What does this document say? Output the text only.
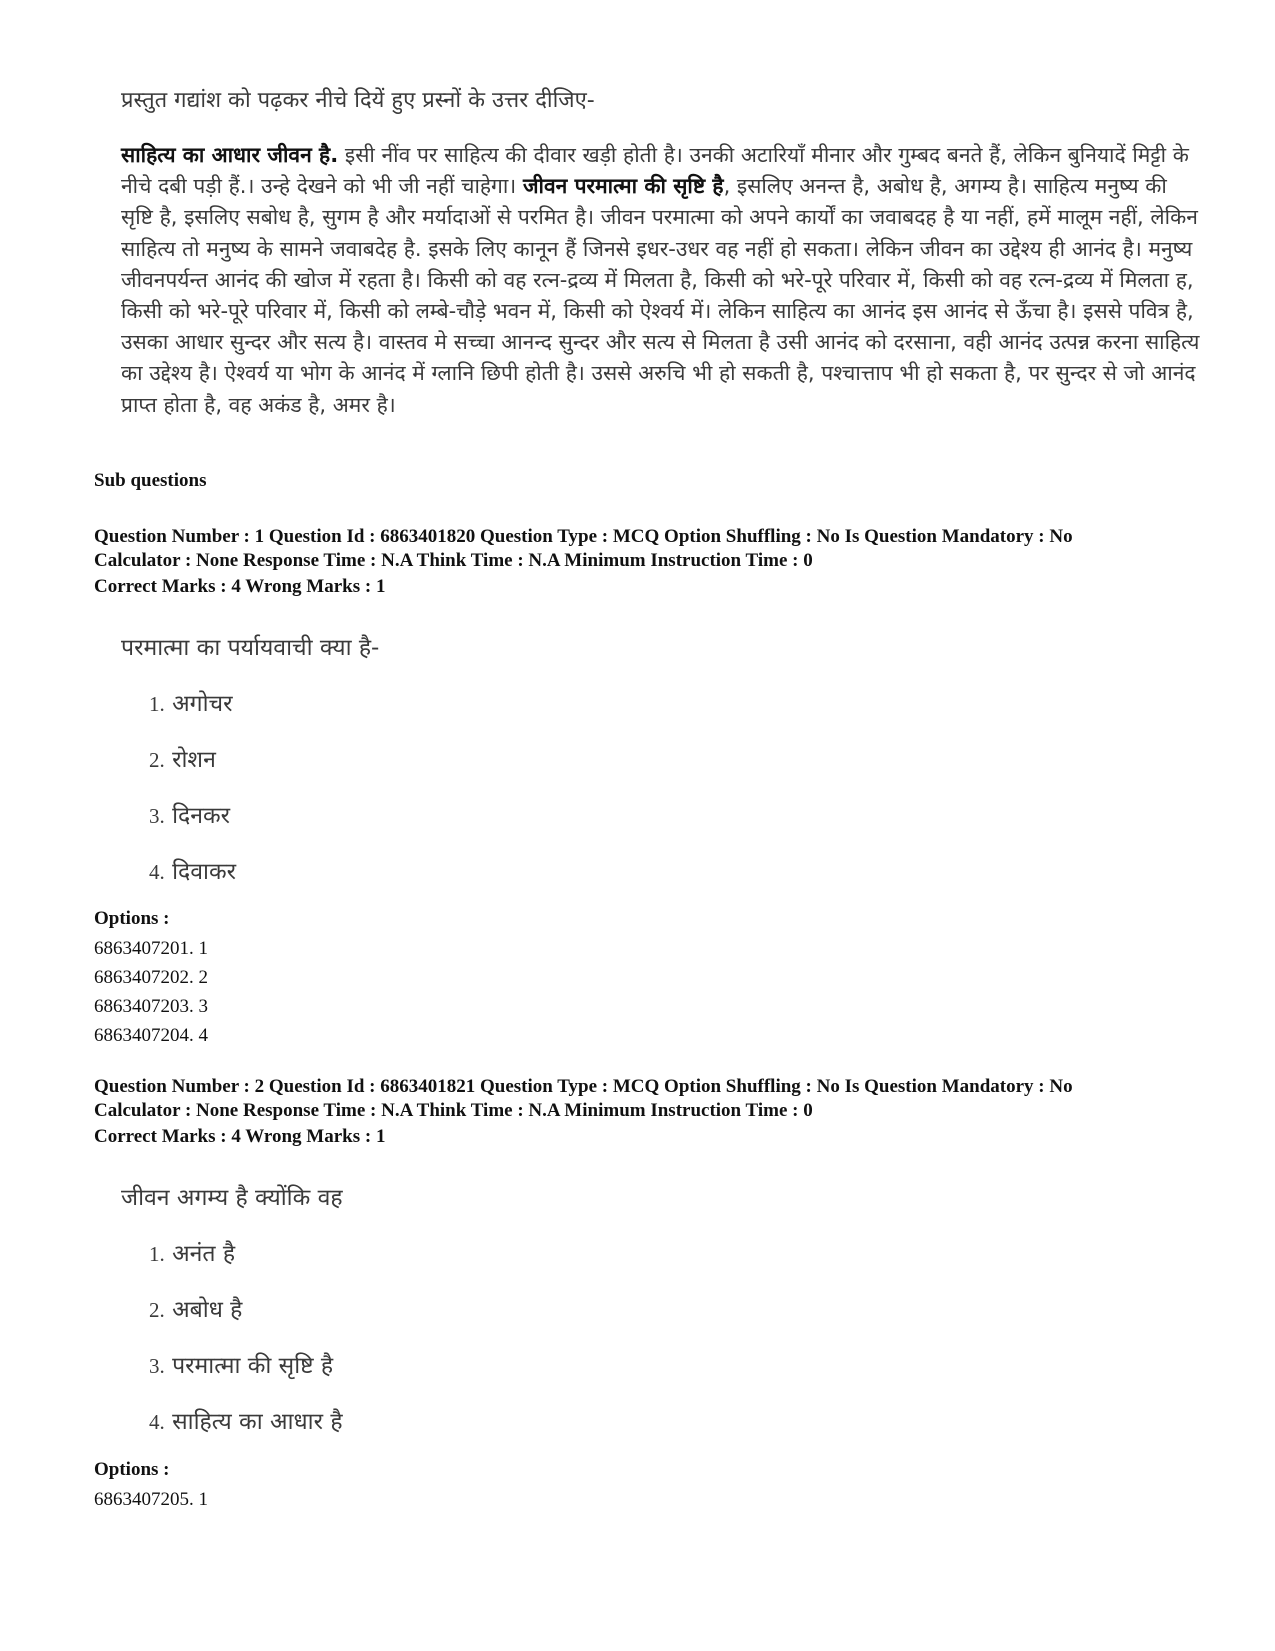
प्रस्तुत गद्यांश को पढ़कर नीचे दियें हुए प्रस्नों के उत्तर दीजिए-
साहित्य का आधार जीवन है. इसी नींव पर साहित्य की दीवार खड़ी होती है। उनकी अटारियाँ मीनार और गुम्बद बनते हैं, लेकिन बुनियादें मिट्टी के नीचे दबी पड़ी हैं.। उन्हे देखने को भी जी नहीं चाहेगा। जीवन परमात्मा की सृष्टि है, इसलिए अनन्त है, अबोध है, अगम्य है। साहित्य मनुष्य की सृष्टि है, इसलिए सबोध है, सुगम है और मर्यादाओं से परमित है। जीवन परमात्मा को अपने कार्यों का जवाबदह है या नहीं, हमें मालूम नहीं, लेकिन साहित्य तो मनुष्य के सामने जवाबदेह है. इसके लिए कानून हैं जिनसे इधर-उधर वह नहीं हो सकता। लेकिन जीवन का उद्देश्य ही आनंद है। मनुष्य जीवनपर्यन्त आनंद की खोज में रहता है। किसी को वह रत्न-द्रव्य में मिलता है, किसी को भरे-पूरे परिवार में, किसी को वह रत्न-द्रव्य में मिलता ह, किसी को भरे-पूरे परिवार में, किसी को लम्बे-चौड़े भवन में, किसी को ऐश्वर्य में। लेकिन साहित्य का आनंद इस आनंद से ऊँचा है। इससे पवित्र है, उसका आधार सुन्दर और सत्य है। वास्तव मे सच्चा आनन्द सुन्दर और सत्य से मिलता है उसी आनंद को दरसाना, वही आनंद उत्पन्न करना साहित्य का उद्देश्य है। ऐश्वर्य या भोग के आनंद में ग्लानि छिपी होती है। उससे अरुचि भी हो सकती है, पश्चात्ताप भी हो सकता है, पर सुन्दर से जो आनंद प्राप्त होता है, वह अकंड है, अमर है।
Sub questions
Question Number : 1 Question Id : 6863401820 Question Type : MCQ Option Shuffling : No Is Question Mandatory : No
Calculator : None Response Time : N.A Think Time : N.A Minimum Instruction Time : 0
Correct Marks : 4 Wrong Marks : 1
परमात्मा का पर्यायवाची क्या है-
1. अगोचर
2. रोशन
3. दिनकर
4. दिवाकर
Options :
6863407201. 1
6863407202. 2
6863407203. 3
6863407204. 4
Question Number : 2 Question Id : 6863401821 Question Type : MCQ Option Shuffling : No Is Question Mandatory : No
Calculator : None Response Time : N.A Think Time : N.A Minimum Instruction Time : 0
Correct Marks : 4 Wrong Marks : 1
जीवन अगम्य है क्योंकि वह
1. अनंत है
2. अबोध है
3. परमात्मा की सृष्टि है
4. साहित्य का आधार है
Options :
6863407205. 1
